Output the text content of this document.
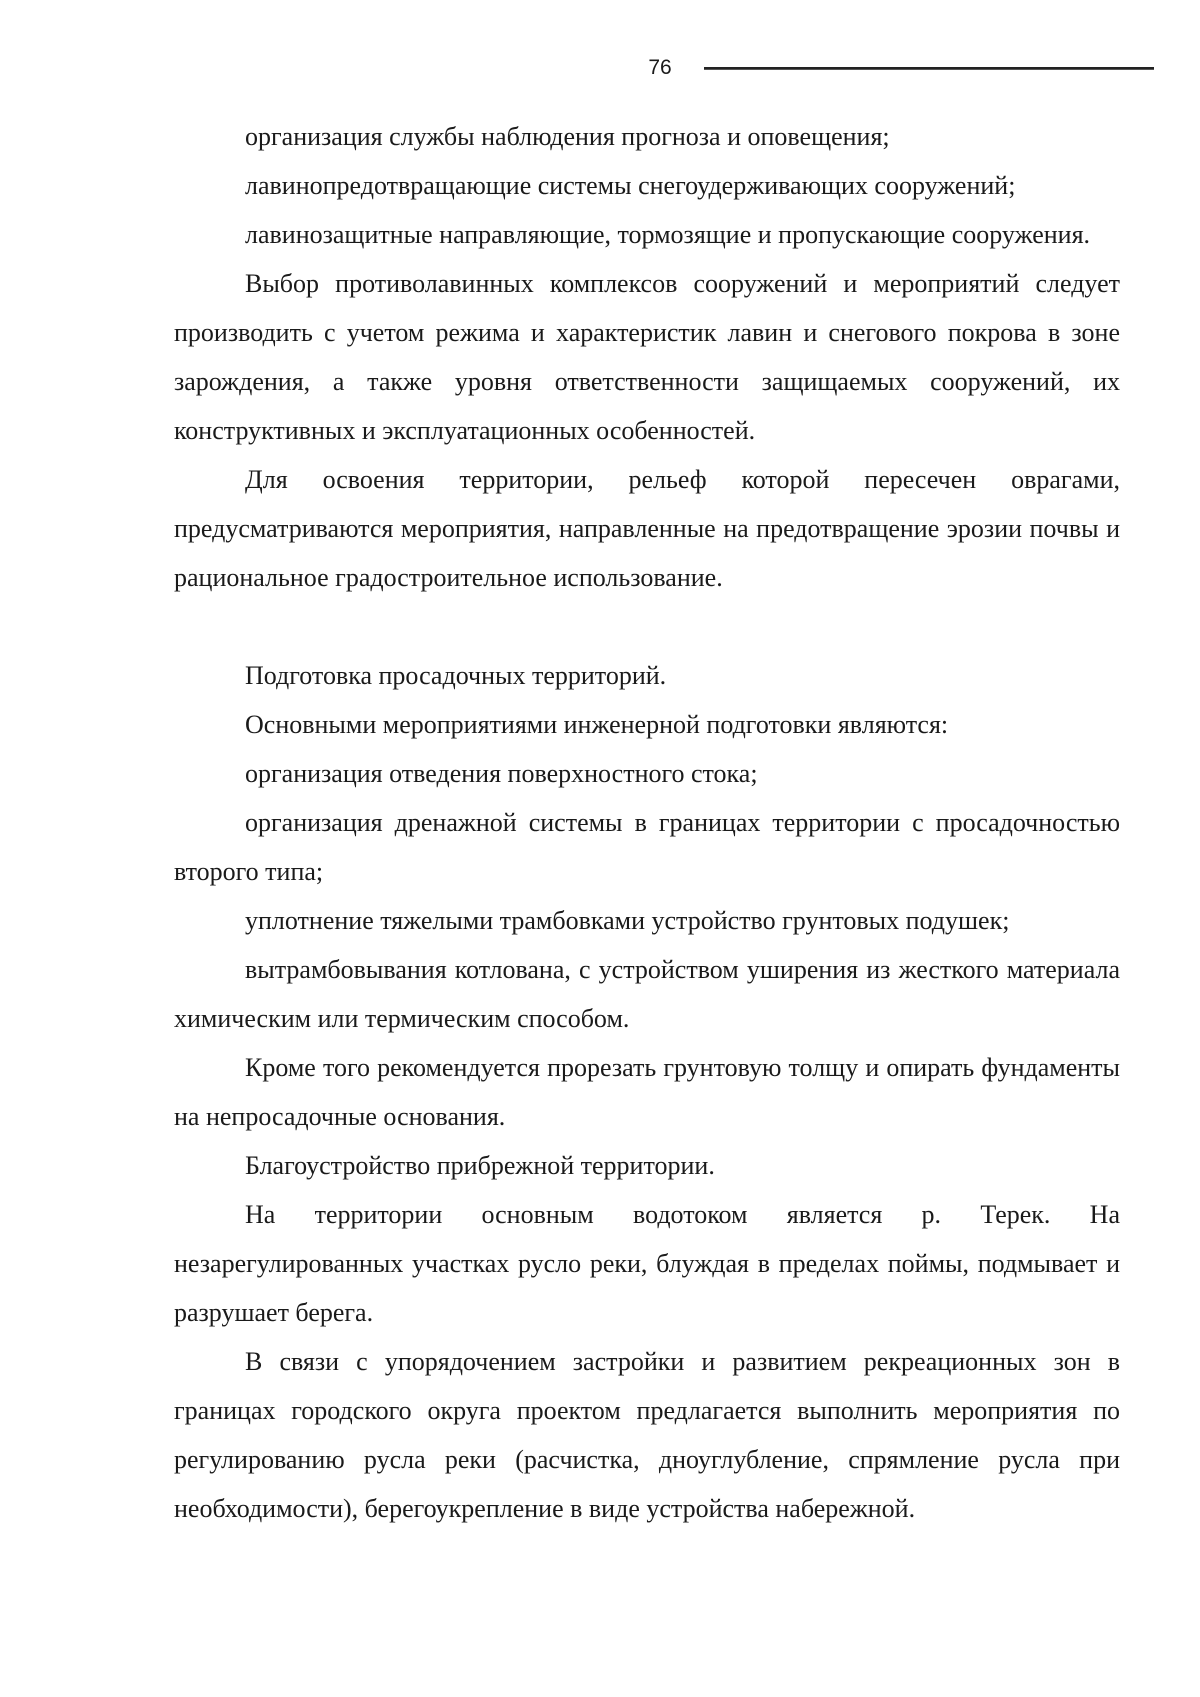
76

организация службы наблюдения прогноза и оповещения;

лавинопредотвращающие системы снегоудерживающих сооружений;

лавинозащитные направляющие, тормозящие и пропускающие сооружения.

Выбор противолавинных комплексов сооружений и мероприятий следует производить с учетом режима и характеристик лавин и снегового покрова в зоне зарождения, а также уровня ответственности защищаемых сооружений, их конструктивных и эксплуатационных особенностей.

Для освоения территории, рельеф которой пересечен оврагами, предусматриваются мероприятия, направленные на предотвращение эрозии почвы и рациональное градостроительное использование.

Подготовка просадочных территорий.

Основными мероприятиями инженерной подготовки являются:

организация отведения поверхностного стока;

организация дренажной системы в границах территории с просадочностью второго типа;

уплотнение тяжелыми трамбовками устройство грунтовых подушек;

вытрамбовывания котлована, с устройством уширения из жесткого материала химическим или термическим способом.

Кроме того рекомендуется прорезать грунтовую толщу и опирать фундаменты на непросадочные основания.

Благоустройство прибрежной территории.

На территории основным водотоком является р. Терек. На незарегулированных участках русло реки, блуждая в пределах поймы, подмывает и разрушает берега.

В связи с упорядочением застройки и развитием рекреационных зон в границах городского округа проектом предлагается выполнить мероприятия по регулированию русла реки (расчистка, дноуглубление, спрямление русла при необходимости), берегоукрепление в виде устройства набережной.
